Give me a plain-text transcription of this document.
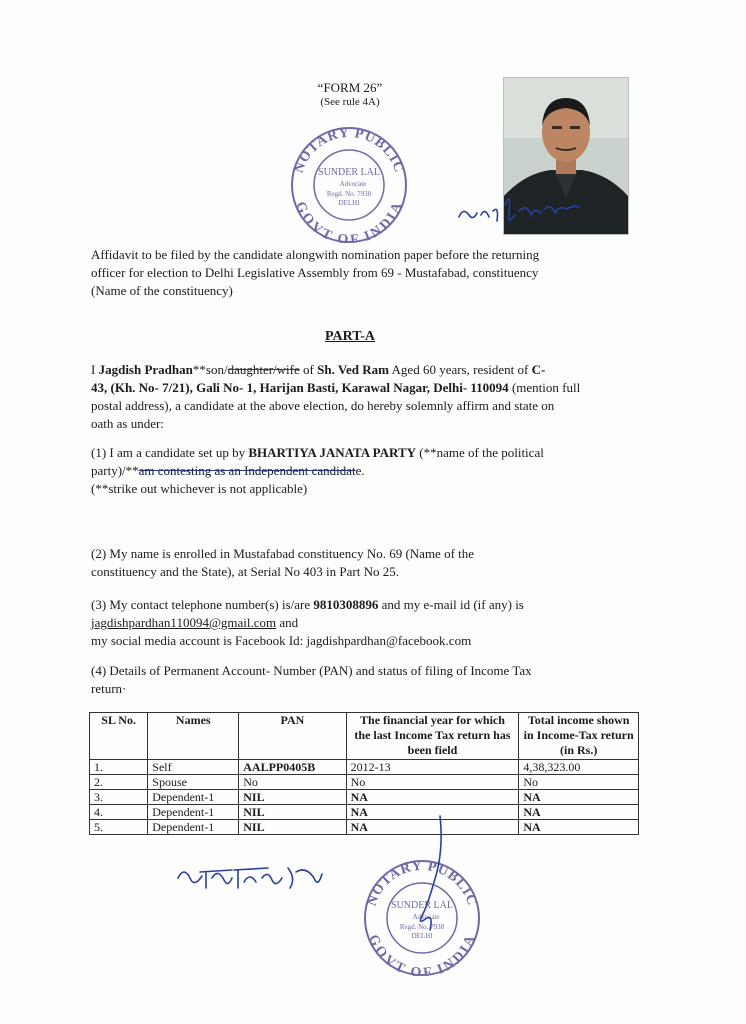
“FORM 26”
(See rule 4A)
NOTARY PUBLIC
GOVT OF INDIA
SUNDER LAL
Advocate
Regd. No. 7938
DELHI
Affidavit to be filed by the candidate alongwith nomination paper before the returning
officer for election to Delhi Legislative Assembly from 69 - Mustafabad, constituency
(Name of the constituency)
PART-A
I Jagdish Pradhan**son/daughter/wife of Sh. Ved Ram Aged 60 years, resident of C-
43, (Kh. No- 7/21), Gali No- 1, Harijan Basti, Karawal Nagar, Delhi- 110094 (mention full
postal address), a candidate at the above election, do hereby solemnly affirm and state on
oath as under:
(1) I am a candidate set up by BHARTIYA JANATA PARTY (**name of the political
party)/**am contesting as an Independent candidate.
(**strike out whichever is not applicable)
(2) My name is enrolled in Mustafabad constituency No. 69 (Name of the
constituency and the State), at Serial No 403 in Part No 25.
(3) My contact telephone number(s) is/are 9810308896 and my e-mail id (if any) is
jagdishpardhan110094@gmail.com and
my social media account is Facebook Id: jagdishpardhan@facebook.com
(4) Details of Permanent Account- Number (PAN) and status of filing of Income Tax
return·
SL No.	Names	PAN	The financial year for which the last Income Tax return has been field	Total income shown in Income-Tax return (in Rs.)
1.	Self	AALPP0405B	2012-13	4,38,323.00
2.	Spouse	No	No	No
3.	Dependent-1	NIL	NA	NA
4.	Dependent-1	NIL	NA	NA
5.	Dependent-1	NIL	NA	NA
NOTARY PUBLIC
GOVT OF INDIA
SUNDER LAL
Advocate
Regd. No. 7938
DELHI
